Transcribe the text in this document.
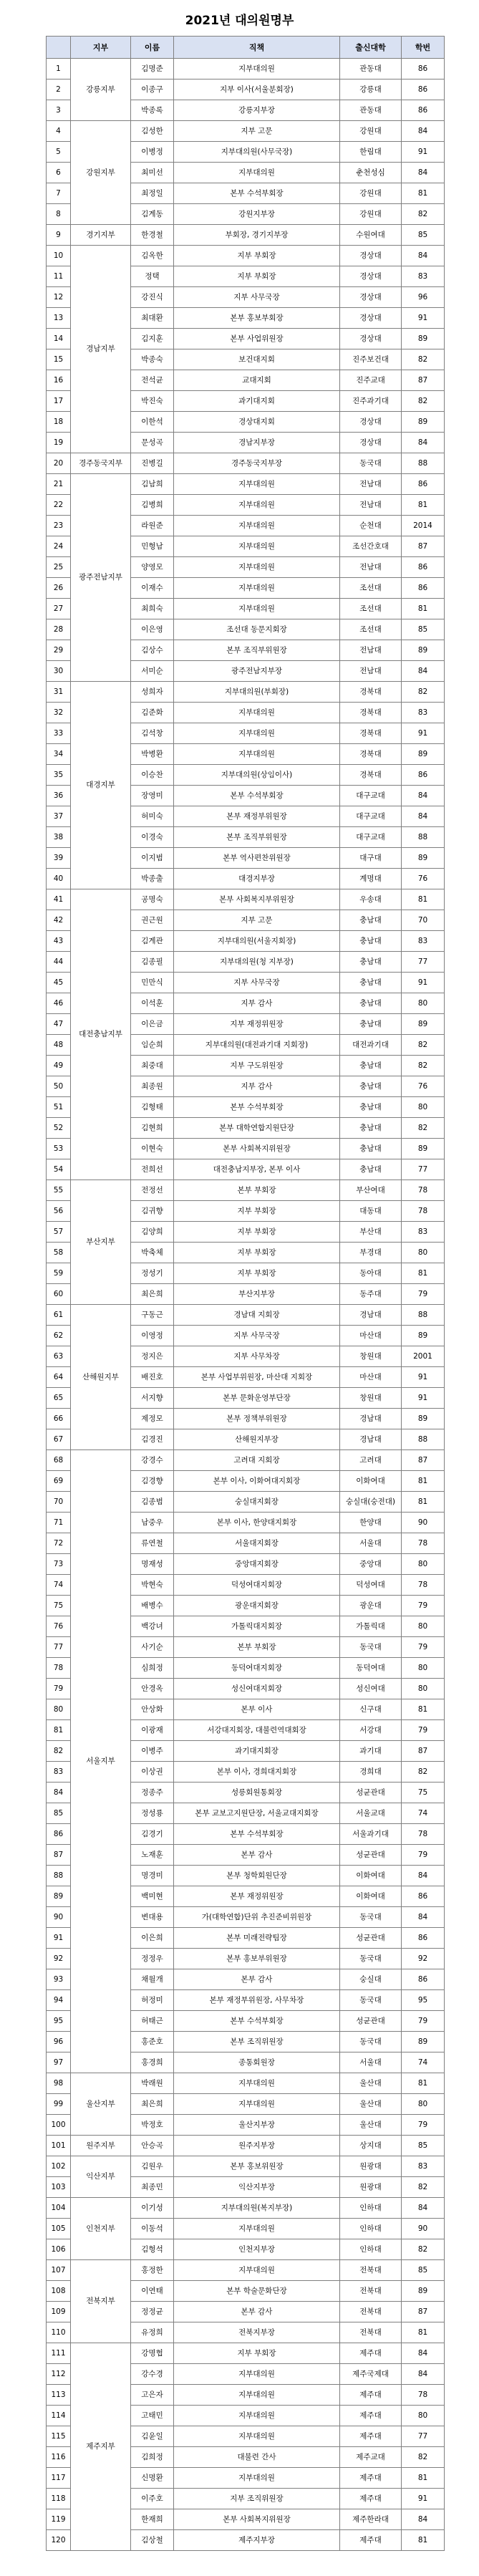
2021년 대의원명부
	지부	이름	직책	출신대학	학번
1	강릉지부	김명준	지부대의원	관동대	86
2		이종구	지부 이사(서울분회장)	강릉대	86
3		박종록	강릉지부장	관동대	86
4	강원지부	김성한	지부 고문	강원대	84
5		이병정	지부대의원(사무국장)	한림대	91
6		최미선	지부대의원	춘천성심	84
7		최정일	본부 수석부회장	강원대	81
8		김계동	강원지부장	강원대	82
9	경기지부	한경철	부회장, 경기지부장	수원여대	85
10	경남지부	김옥한	지부 부회장	경상대	84
11		정택	지부 부회장	경상대	83
12		강진식	지부 사무국장	경상대	96
13		최대환	본부 홍보부회장	경상대	91
14		김지훈	본부 사업위원장	경상대	89
15		박종숙	보건대지회	진주보건대	82
16		전석균	교대지회	진주교대	87
17		박진숙	과기대지회	진주과기대	82
18		이한석	경상대지회	경상대	89
19		문성곡	경남지부장	경상대	84
20	경주동국지부	진병길	경주동국지부장	동국대	88
21	광주전남지부	김남희	지부대의원	전남대	86
22		김병희	지부대의원	전남대	81
23		라원준	지부대의원	순천대	2014
24		민형남	지부대의원	조선간호대	87
25		양영모	지부대의원	전남대	86
26		이재수	지부대의원	조선대	86
27		최희숙	지부대의원	조선대	81
28		이은영	조선대 동문지회장	조선대	85
29		김상수	본부 조직부위원장	전남대	89
30		서미순	광주전남지부장	전남대	84
31	대경지부	성희자	지부대의원(부회장)	경북대	82
32		김준화	지부대의원	경북대	83
33		김석창	지부대의원	경북대	91
34		박병환	지부대의원	경북대	89
35		이승찬	지부대의원(상임이사)	경북대	86
36		장영미	본부 수석부회장	대구교대	84
37		허미숙	본부 재정부위원장	대구교대	84
38		이경숙	본부 조직부위원장	대구교대	88
39		이지범	본부 역사편찬위원장	대구대	89
40		박종출	대경지부장	계명대	76
41	대전충남지부	공명숙	본부 사회복지부위원장	우송대	81
42		권근원	지부 고문	충남대	70
43		김계관	지부대의원(서울지회장)	충남대	83
44		김종필	지부대의원(청 지부장)	충남대	77
45		민만식	지부 사무국장	충남대	91
46		이석훈	지부 감사	충남대	80
47		이은금	지부 재정위원장	충남대	89
48		임순희	지부대의원(대전과기대 지회장)	대전과기대	82
49		최중대	지부 구도위원장	충남대	82
50		최종원	지부 감사	충남대	76
51		김형태	본부 수석부회장	충남대	80
52		김현희	본부 대학연합지원단장	충남대	82
53		이현숙	본부 사회복지위원장	충남대	89
54		전희선	대전충남지부장, 본부 이사	충남대	77
55	부산지부	전정선	본부 부회장	부산여대	78
56		김귀향	지부 부회장	대동대	78
57		김양희	지부 부회장	부산대	83
58		박축체	지부 부회장	부경대	80
59		정성기	지부 부회장	동아대	81
60		최은희	부산지부장	동주대	79
61	산해원지부	구동근	경남대 지회장	경남대	88
62		이영정	지부 사무국장	마산대	89
63		정지은	지부 사무차장	창원대	2001
64		배진호	본부 사업부위원장, 마산대 지회장	마산대	91
65		서지향	본부 문화운영부단장	창원대	91
66		제정모	본부 정책부위원장	경남대	89
67		김경진	산해원지부장	경남대	88
68	서울지부	강경수	고려대 지회장	고려대	87
69		김경향	본부 이사, 이화여대지회장	이화여대	81
70		김종범	숭실대지회장	숭실대(숭전대)	81
71		남중우	본부 이사, 한양대지회장	한양대	90
72		류연철	서울대지회장	서울대	78
73		명재성	중앙대지회장	중앙대	80
74		박현숙	덕성여대지회장	덕성여대	78
75		배병수	광운대지회장	광운대	79
76		백강녀	가톨릭대지회장	가톨릭대	80
77		사기순	본부 부회장	동국대	79
78		심희정	동덕여대지회장	동덕여대	80
79		안경옥	성신여대지회장	성신여대	80
80		안상화	본부 이사	신구대	81
81		이광재	서강대지회장, 대불련역대회장	서강대	79
82		이병주	과기대지회장	과기대	87
83		이상권	본부 이사, 경희대지회장	경희대	82
84		정종주	성릉회원통회장	성균관대	75
85		정성룡	본부 교보고지원단장, 서울교대지회장	서울교대	74
86		김경기	본부 수석부회장	서울과기대	78
87		노재훈	본부 감사	성균관대	79
88		명경미	본부 청학회원단장	이화여대	84
89		백미현	본부 재정위원장	이화여대	86
90		변대용	가(대학연합)단위 추진준비위원장	동국대	84
91		이은희	본부 미래전략팀장	성균관대	86
92		정정우	본부 홍보부위원장	동국대	92
93		채월개	본부 감사	숭실대	86
94		허정미	본부 재정부위원장, 사무차장	동국대	95
95		허태근	본부 수석부회장	성균관대	79
96		홍준호	본부 조직위원장	동국대	89
97		홍경희	종통회원장	서울대	74
98	울산지부	박래원	지부대의원	울산대	81
99		최은희	지부대의원	울산대	80
100		박정호	울산지부장	울산대	79
101	원주지부	안승곡	원주지부장	상지대	85
102	익산지부	김원우	본부 홍보위원장	원광대	83
103		최종민	익산지부장	원광대	82
104	인천지부	이기성	지부대의원(복지부장)	인하대	84
105		이동석	지부대의원	인하대	90
106		김형석	인천지부장	인하대	82
107	전북지부	홍정한	지부대의원	전북대	85
108		이연태	본부 학술문화단장	전북대	89
109		정정균	본부 감사	전북대	87
110		유정희	전북지부장	전북대	81
111	제주지부	강명협	지부 부회장	제주대	84
112		강수경	지부대의원	제주국제대	84
113		고은자	지부대의원	제주대	78
114		고태민	지부대의원	제주대	80
115		김윤일	지부대의원	제주대	77
116		김희정	대불련 간사	제주교대	82
117		신명환	지부대의원	제주대	81
118		이주호	지부 조직위원장	제주대	91
119		한재희	본부 사회복지위원장	제주한라대	84
120		김상철	제주지부장	제주대	81
